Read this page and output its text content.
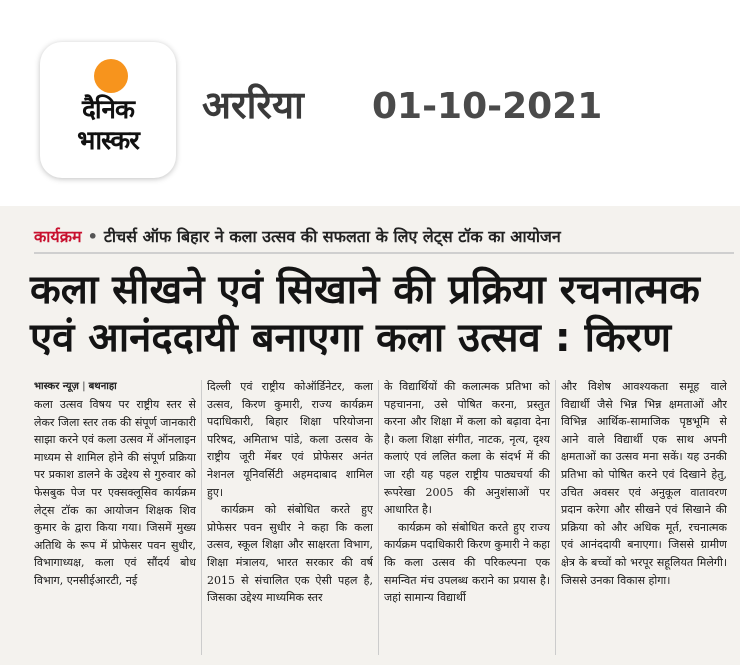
दैनिक
भास्कर
अररिया 01-10-2021
कार्यक्रम • टीचर्स ऑफ बिहार ने कला उत्सव की सफलता के लिए लेट्स टॉक का आयोजन
कला सीखने एवं सिखाने की प्रक्रिया रचनात्मक
एवं आनंददायी बनाएगा कला उत्सव : किरण
भास्कर न्यूज़ | बथनाहा

कला उत्सव विषय पर राष्ट्रीय स्तर से लेकर जिला स्तर तक की संपूर्ण जानकारी साझा करने एवं कला उत्सव में ऑनलाइन माध्यम से शामिल होने की संपूर्ण प्रक्रिया पर प्रकाश डालने के उद्देश्य से गुरुवार को फेसबुक पेज पर एक्सक्लूसिव कार्यक्रम लेट्स टॉक का आयोजन शिक्षक शिव कुमार के द्वारा किया गया। जिसमें मुख्य अतिथि के रूप में प्रोफेसर पवन सुधीर, विभागाध्यक्ष, कला एवं सौंदर्य बोध विभाग, एनसीईआरटी, नई

दिल्ली एवं राष्ट्रीय कोऑर्डिनेटर, कला उत्सव, किरण कुमारी, राज्य कार्यक्रम पदाधिकारी, बिहार शिक्षा परियोजना परिषद, अमिताभ पांडे, कला उत्सव के राष्ट्रीय जूरी मेंबर एवं प्रोफेसर अनंत नेशनल यूनिवर्सिटी अहमदाबाद शामिल हुए।

कार्यक्रम को संबोधित करते हुए प्रोफेसर पवन सुधीर ने कहा कि कला उत्सव, स्कूल शिक्षा और साक्षरता विभाग, शिक्षा मंत्रालय, भारत सरकार की वर्ष 2015 से संचालित एक ऐसी पहल है, जिसका उद्देश्य माध्यमिक स्तर

के विद्यार्थियों की कलात्मक प्रतिभा को पहचानना, उसे पोषित करना, प्रस्तुत करना और शिक्षा में कला को बढ़ावा देना है। कला शिक्षा संगीत, नाटक, नृत्य, दृश्य कलाएं एवं ललित कला के संदर्भ में की जा रही यह पहल राष्ट्रीय पाठ्यचर्या की रूपरेखा 2005 की अनुशंसाओं पर आधारित है।

कार्यक्रम को संबोधित करते हुए राज्य कार्यक्रम पदाधिकारी किरण कुमारी ने कहा कि कला उत्सव की परिकल्पना एक समन्वित मंच उपलब्ध कराने का प्रयास है। जहां सामान्य विद्यार्थी

और विशेष आवश्यकता समूह वाले विद्यार्थी जैसे भिन्न भिन्न क्षमताओं और विभिन्न आर्थिक-सामाजिक पृष्ठभूमि से आने वाले विद्यार्थी एक साथ अपनी क्षमताओं का उत्सव मना सकें। यह उनकी प्रतिभा को पोषित करने एवं दिखाने हेतु, उचित अवसर एवं अनुकूल वातावरण प्रदान करेगा और सीखने एवं सिखाने की प्रक्रिया को और अधिक मूर्त, रचनात्मक एवं आनंददायी बनाएगा। जिससे ग्रामीण क्षेत्र के बच्चों को भरपूर सहूलियत मिलेगी। जिससे उनका विकास होगा।
